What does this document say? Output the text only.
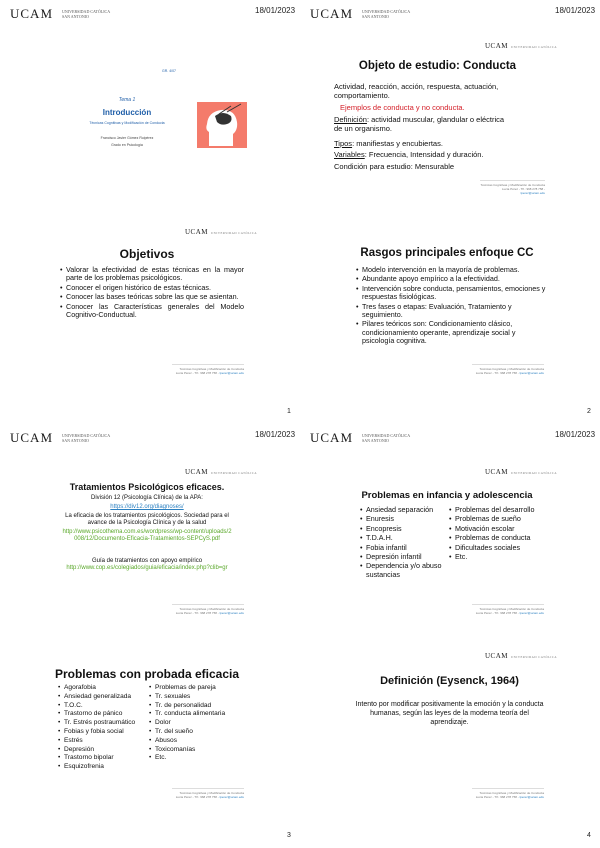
UCAM UNIVERSIDAD CATÓLICA
SAN ANTONIO
18/01/2023
GR. 4/07
Tema 1
Introducción
Técnicas Cognitivas y Modificación de Conducta
Francisco Javier Gómez Ruipérez
Grado en Psicología
UCAM UNIVERSIDAD CATÓLICA
Objetivos
• Valorar la efectividad de estas técnicas en la mayor parte de los problemas psicológicos.
• Conocer el origen histórico de estas técnicas.
• Conocer las bases teóricas sobre las que se asientan.
• Conocer las Características generales del Modelo Cognitivo-Conductual.
Técnicas Cognitivas y Modificación de Conducta
Lucía Pérez - Tlf.: 968 278 758 - lperez@ucam.edu
1
UCAM UNIVERSIDAD CATÓLICA
SAN ANTONIO
18/01/2023
UCAM UNIVERSIDAD CATÓLICA
Objeto de estudio: Conducta
Actividad, reacción, acción, respuesta, actuación, comportamiento.
Ejemplos de conducta y no conducta.
Definición: actividad muscular, glandular o eléctrica de un organismo.
Tipos: manifiestas y encubiertas.
Variables: Frecuencia, Intensidad y duración.
Condición para estudio: Mensurable
Técnicas Cognitivas y Modificación de Conducta
Lucía Pérez - Tlf.: 968 278 758 - lperez@ucam.edu
Rasgos principales enfoque CC
• Modelo intervención en la mayoría de problemas.
• Abundante apoyo empírico a la efectividad.
• Intervención sobre conducta, pensamientos, emociones y respuestas fisiológicas.
• Tres fases o etapas: Evaluación, Tratamiento y seguimiento.
• Pilares teóricos son: Condicionamiento clásico, condicionamiento operante, aprendizaje social y psicología cognitiva.
Técnicas Cognitivas y Modificación de Conducta
Lucía Pérez - Tlf.: 968 278 758 - lperez@ucam.edu
2
UCAM UNIVERSIDAD CATÓLICA
SAN ANTONIO
18/01/2023
UCAM UNIVERSIDAD CATÓLICA
Tratamientos Psicológicos eficaces.
División 12 (Psicología Clínica) de la APA:
https://div12.org/diagnoses/
La eficacia de los tratamientos psicológicos. Sociedad para el avance de la Psicología Clínica y de la salud
http://www.psicothema.com.es/wordpress/wp-content/uploads/2008/12/Documento-Eficacia-Tratamientos-SEPCyS.pdf
Guía de tratamientos con apoyo empírico
http://www.cop.es/colegiados/guia/eficacia/index.php?clib=gr
Técnicas Cognitivas y Modificación de Conducta
Lucía Pérez - Tlf.: 968 278 758 - lperez@ucam.edu
Problemas con probada eficacia
• Agorafobia
• Ansiedad generalizada
• T.O.C.
• Trastorno de pánico
• Tr. Estrés postraumático
• Fobias y fobia social
• Estrés
• Depresión
• Trastorno bipolar
• Esquizofrenia
• Problemas de pareja
• Tr. sexuales
• Tr. de personalidad
• Tr. conducta alimentaria
• Dolor
• Tr. del sueño
• Abusos
• Toxicomanías
• Etc.
Técnicas Cognitivas y Modificación de Conducta
Lucía Pérez - Tlf.: 968 278 758 - lperez@ucam.edu
3
UCAM UNIVERSIDAD CATÓLICA
SAN ANTONIO
18/01/2023
UCAM UNIVERSIDAD CATÓLICA
Problemas en infancia y adolescencia
• Ansiedad separación
• Enuresis
• Encopresis
• T.D.A.H.
• Fobia infantil
• Depresión infantil
• Dependencia y/o abuso sustancias
• Problemas del desarrollo
• Problemas de sueño
• Motivación escolar
• Problemas de conducta
• Dificultades sociales
• Etc.
Técnicas Cognitivas y Modificación de Conducta
Lucía Pérez - Tlf.: 968 278 758 - lperez@ucam.edu
UCAM UNIVERSIDAD CATÓLICA
Definición (Eysenck, 1964)
Intento por modificar positivamente la emoción y la conducta humanas, según las leyes de la moderna teoría del aprendizaje.
Técnicas Cognitivas y Modificación de Conducta
Lucía Pérez - Tlf.: 968 278 758 - lperez@ucam.edu
4
